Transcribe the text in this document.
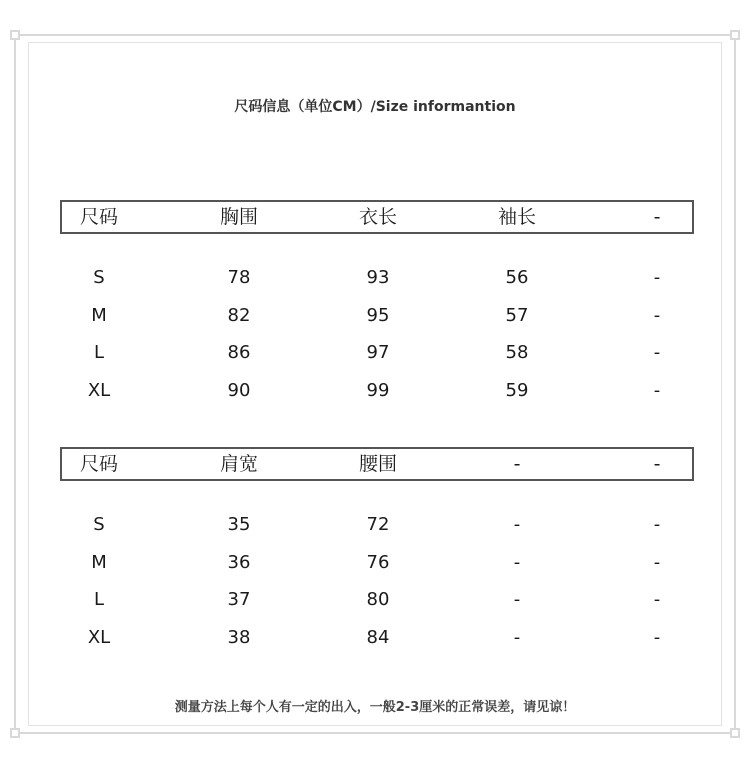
尺码信息（单位CM）/Size informantion
尺码	胸围	衣长	袖长	-
S	78	93	56	-
M	82	95	57	-
L	86	97	58	-
XL	90	99	59	-
尺码	肩宽	腰围	-	-
S	35	72	-	-
M	36	76	-	-
L	37	80	-	-
XL	38	84	-	-
测量方法上每个人有一定的出入，一般2-3厘米的正常误差，请见谅！
